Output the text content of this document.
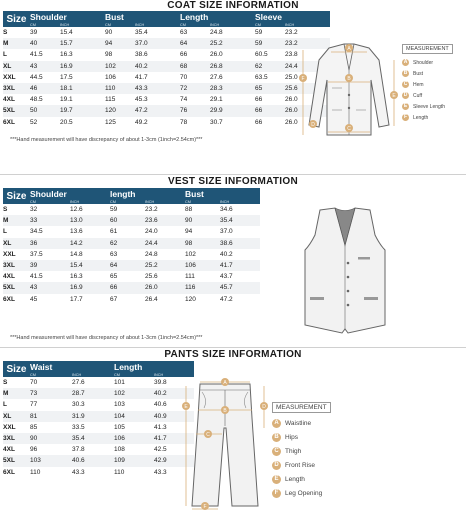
COAT SIZE INFORMATION
Size	Shoulder		Bust		Length		Sleeve	
	CM	INCH	CM	INCH	CM	INCH	CM	INCH
S	39	15.4	90	35.4	63	24.8	59	23.2
M	40	15.7	94	37.0	64	25.2	59	23.2
L	41.5	16.3	98	38.6	66	26.0	60.5	23.8
XL	43	16.9	102	40.2	68	26.8	62	24.4
XXL	44.5	17.5	106	41.7	70	27.6	63.5	25.0
3XL	46	18.1	110	43.3	72	28.3	65	25.6
4XL	48.5	19.1	115	45.3	74	29.1	66	26.0
5XL	50	19.7	120	47.2	76	29.9	66	26.0
6XL	52	20.5	125	49.2	78	30.7	66	26.0
***Hand measurement will have discrepancy of about 1-3cm (1inch=2.54cm)***
A
B
C
D
E
F
MEASUREMENT
A	Shoulder
B	Bust
C	Hem
D	Cuff
E	Sleeve Length
F	Length
VEST SIZE INFORMATION
Size	Shoulder		length		Bust	
	CM	INCH	CM	INCH	CM	INCH
S	32	12.6	59	23.2	88	34.6
M	33	13.0	60	23.6	90	35.4
L	34.5	13.6	61	24.0	94	37.0
XL	36	14.2	62	24.4	98	38.6
XXL	37.5	14.8	63	24.8	102	40.2
3XL	39	15.4	64	25.2	106	41.7
4XL	41.5	16.3	65	25.6	111	43.7
5XL	43	16.9	66	26.0	116	45.7
6XL	45	17.7	67	26.4	120	47.2
***Hand measurement will have discrepancy of about 1-3cm (1inch=2.54cm)***
PANTS SIZE INFORMATION
Size	Waist		Length	
	CM	INCH	CM	INCH
S	70	27.6	101	39.8
M	73	28.7	102	40.2
L	77	30.3	103	40.6
XL	81	31.9	104	40.9
XXL	85	33.5	105	41.3
3XL	90	35.4	106	41.7
4XL	96	37.8	108	42.5
5XL	103	40.6	109	42.9
6XL	110	43.3	110	43.3
A
B
C
D
E
F
MEASUREMENT
A Waistline
B Hips
C Thigh
D Front Rise
E	Length
F	Leg Opening
